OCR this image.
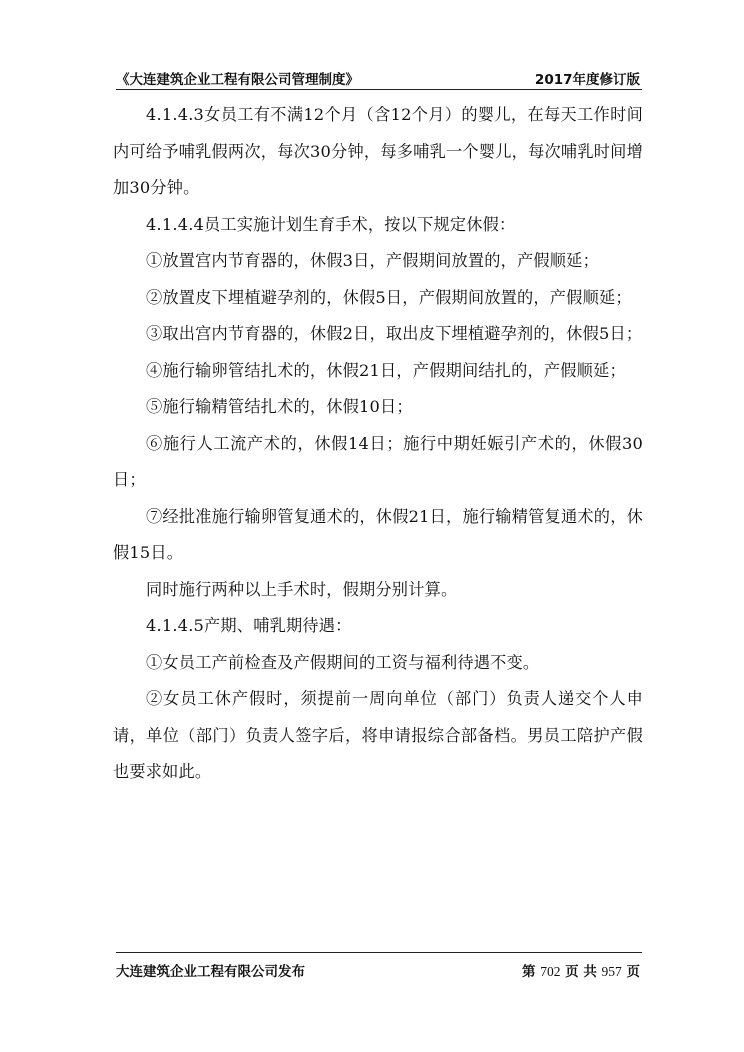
《大连建筑企业工程有限公司管理制度》	2017年度修订版

4.1.4.3女员工有不满12个月（含12个月）的婴儿，在每天工作时间内可给予哺乳假两次，每次30分钟，每多哺乳一个婴儿，每次哺乳时间增加30分钟。

4.1.4.4员工实施计划生育手术，按以下规定休假：

①放置宫内节育器的，休假3日，产假期间放置的，产假顺延；

②放置皮下埋植避孕剂的，休假5日，产假期间放置的，产假顺延；

③取出宫内节育器的，休假2日，取出皮下埋植避孕剂的，休假5日；

④施行输卵管结扎术的，休假21日，产假期间结扎的，产假顺延；

⑤施行输精管结扎术的，休假10日；

⑥施行人工流产术的，休假14日；施行中期妊娠引产术的，休假30日；

⑦经批准施行输卵管复通术的，休假21日，施行输精管复通术的，休假15日。

同时施行两种以上手术时，假期分别计算。

4.1.4.5产期、哺乳期待遇：

①女员工产前检查及产假期间的工资与福利待遇不变。

②女员工休产假时，须提前一周向单位（部门）负责人递交个人申请，单位（部门）负责人签字后，将申请报综合部备档。男员工陪护产假也要求如此。

大连建筑企业工程有限公司发布	第 702 页 共 957 页
